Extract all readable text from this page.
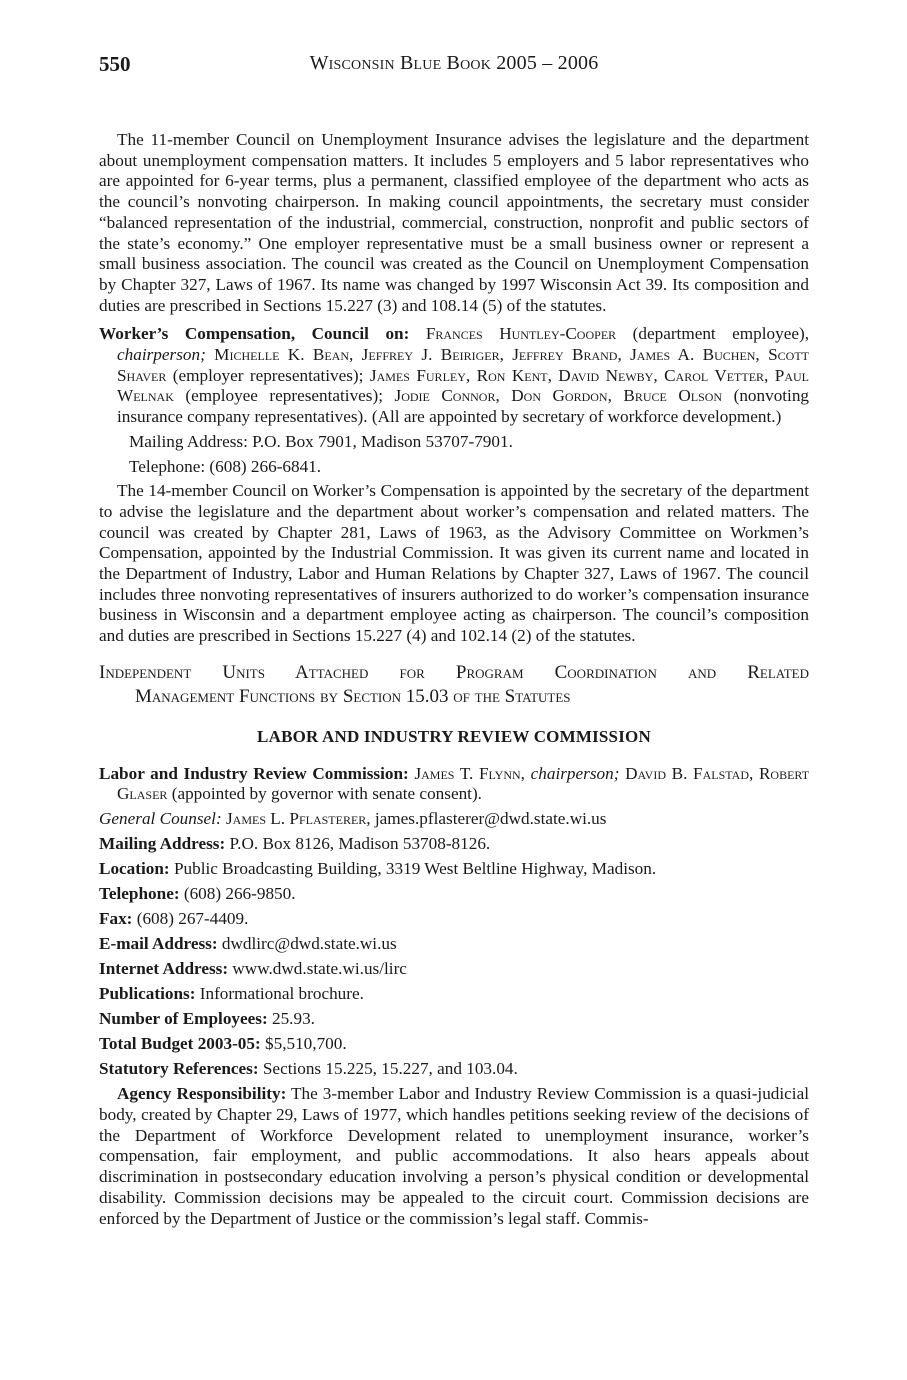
550	Wisconsin Blue Book 2005 – 2006

The 11-member Council on Unemployment Insurance advises the legislature and the department about unemployment compensation matters. It includes 5 employers and 5 labor representatives who are appointed for 6-year terms, plus a permanent, classified employee of the department who acts as the council’s nonvoting chairperson. In making council appointments, the secretary must consider “balanced representation of the industrial, commercial, construction, nonprofit and public sectors of the state’s economy.” One employer representative must be a small business owner or represent a small business association. The council was created as the Council on Unemployment Compensation by Chapter 327, Laws of 1967. Its name was changed by 1997 Wisconsin Act 39. Its composition and duties are prescribed in Sections 15.227 (3) and 108.14 (5) of the statutes.

Worker’s Compensation, Council on: Frances Huntley-Cooper (department employee), chairperson; Michelle K. Bean, Jeffrey J. Beiriger, Jeffrey Brand, James A. Buchen, Scott Shaver (employer representatives); James Furley, Ron Kent, David Newby, Carol Vetter, Paul Welnak (employee representatives); Jodie Connor, Don Gordon, Bruce Olson (nonvoting insurance company representatives). (All are appointed by secretary of workforce development.)

Mailing Address: P.O. Box 7901, Madison 53707-7901.

Telephone: (608) 266-6841.

The 14-member Council on Worker’s Compensation is appointed by the secretary of the department to advise the legislature and the department about worker’s compensation and related matters. The council was created by Chapter 281, Laws of 1963, as the Advisory Committee on Workmen’s Compensation, appointed by the Industrial Commission. It was given its current name and located in the Department of Industry, Labor and Human Relations by Chapter 327, Laws of 1967. The council includes three nonvoting representatives of insurers authorized to do worker’s compensation insurance business in Wisconsin and a department employee acting as chairperson. The council’s composition and duties are prescribed in Sections 15.227 (4) and 102.14 (2) of the statutes.

Independent Units Attached for Program Coordination and Related
Management Functions by Section 15.03 of the Statutes
LABOR AND INDUSTRY REVIEW COMMISSION

Labor and Industry Review Commission: James T. Flynn, chairperson; David B. Falstad, Robert Glaser (appointed by governor with senate consent).

General Counsel: James L. Pflasterer, james.pflasterer@dwd.state.wi.us

Mailing Address: P.O. Box 8126, Madison 53708-8126.

Location: Public Broadcasting Building, 3319 West Beltline Highway, Madison.

Telephone: (608) 266-9850.

Fax: (608) 267-4409.

E-mail Address: dwdlirc@dwd.state.wi.us

Internet Address: www.dwd.state.wi.us/lirc

Publications: Informational brochure.

Number of Employees: 25.93.

Total Budget 2003-05: $5,510,700.

Statutory References: Sections 15.225, 15.227, and 103.04.

Agency Responsibility: The 3-member Labor and Industry Review Commission is a quasi-judicial body, created by Chapter 29, Laws of 1977, which handles petitions seeking review of the decisions of the Department of Workforce Development related to unemployment insurance, worker’s compensation, fair employment, and public accommodations. It also hears appeals about discrimination in postsecondary education involving a person’s physical condition or developmental disability. Commission decisions may be appealed to the circuit court. Commission decisions are enforced by the Department of Justice or the commission’s legal staff. Commis-
